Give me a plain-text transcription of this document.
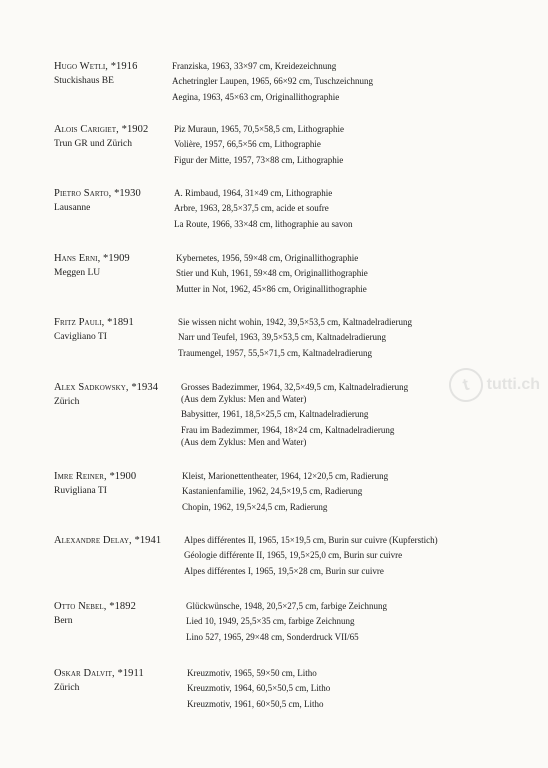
Hugo Wetli, *1916
Stuckishaus BE
Franziska, 1963, 33×97 cm, Kreidezeichnung
Achetringler Laupen, 1965, 66×92 cm, Tuschzeichnung
Aegina, 1963, 45×63 cm, Originallithographie
Alois Carigiet, *1902
Trun GR und Zürich
Piz Muraun, 1965, 70,5×58,5 cm, Lithographie
Volière, 1957, 66,5×56 cm, Lithographie
Figur der Mitte, 1957, 73×88 cm, Lithographie
Pietro Sarto, *1930
Lausanne
A. Rimbaud, 1964, 31×49 cm, Lithographie
Arbre, 1963, 28,5×37,5 cm, acide et soufre
La Route, 1966, 33×48 cm, lithographie au savon
Hans Erni, *1909
Meggen LU
Kybernetes, 1956, 59×48 cm, Originallithographie
Stier und Kuh, 1961, 59×48 cm, Originallithographie
Mutter in Not, 1962, 45×86 cm, Originallithographie
Fritz Pauli, *1891
Cavigliano TI
Sie wissen nicht wohin, 1942, 39,5×53,5 cm, Kaltnadelradierung
Narr und Teufel, 1963, 39,5×53,5 cm, Kaltnadelradierung
Traumengel, 1957, 55,5×71,5 cm, Kaltnadelradierung
Alex Sadkowsky, *1934
Zürich
Grosses Badezimmer, 1964, 32,5×49,5 cm, Kaltnadelradierung
(Aus dem Zyklus: Men and Water)
Babysitter, 1961, 18,5×25,5 cm, Kaltnadelradierung
Frau im Badezimmer, 1964, 18×24 cm, Kaltnadelradierung
(Aus dem Zyklus: Men and Water)
Imre Reiner, *1900
Ruvigliana TI
Kleist, Marionettentheater, 1964, 12×20,5 cm, Radierung
Kastanienfamilie, 1962, 24,5×19,5 cm, Radierung
Chopin, 1962, 19,5×24,5 cm, Radierung
Alexandre Delay, *1941	Alpes différentes II, 1965, 15×19,5 cm, Burin sur cuivre (Kupferstich)
Géologie différente II, 1965, 19,5×25,0 cm, Burin sur cuivre
Alpes différentes I, 1965, 19,5×28 cm, Burin sur cuivre
Otto Nebel, *1892
Bern
Glückwünsche, 1948, 20,5×27,5 cm, farbige Zeichnung
Lied 10, 1949, 25,5×35 cm, farbige Zeichnung
Lino 527, 1965, 29×48 cm, Sonderdruck VII/65
Oskar Dalvit, *1911
Zürich
Kreuzmotiv, 1965, 59×50 cm, Litho
Kreuzmotiv, 1964, 60,5×50,5 cm, Litho
Kreuzmotiv, 1961, 60×50,5 cm, Litho
t tutti.ch
